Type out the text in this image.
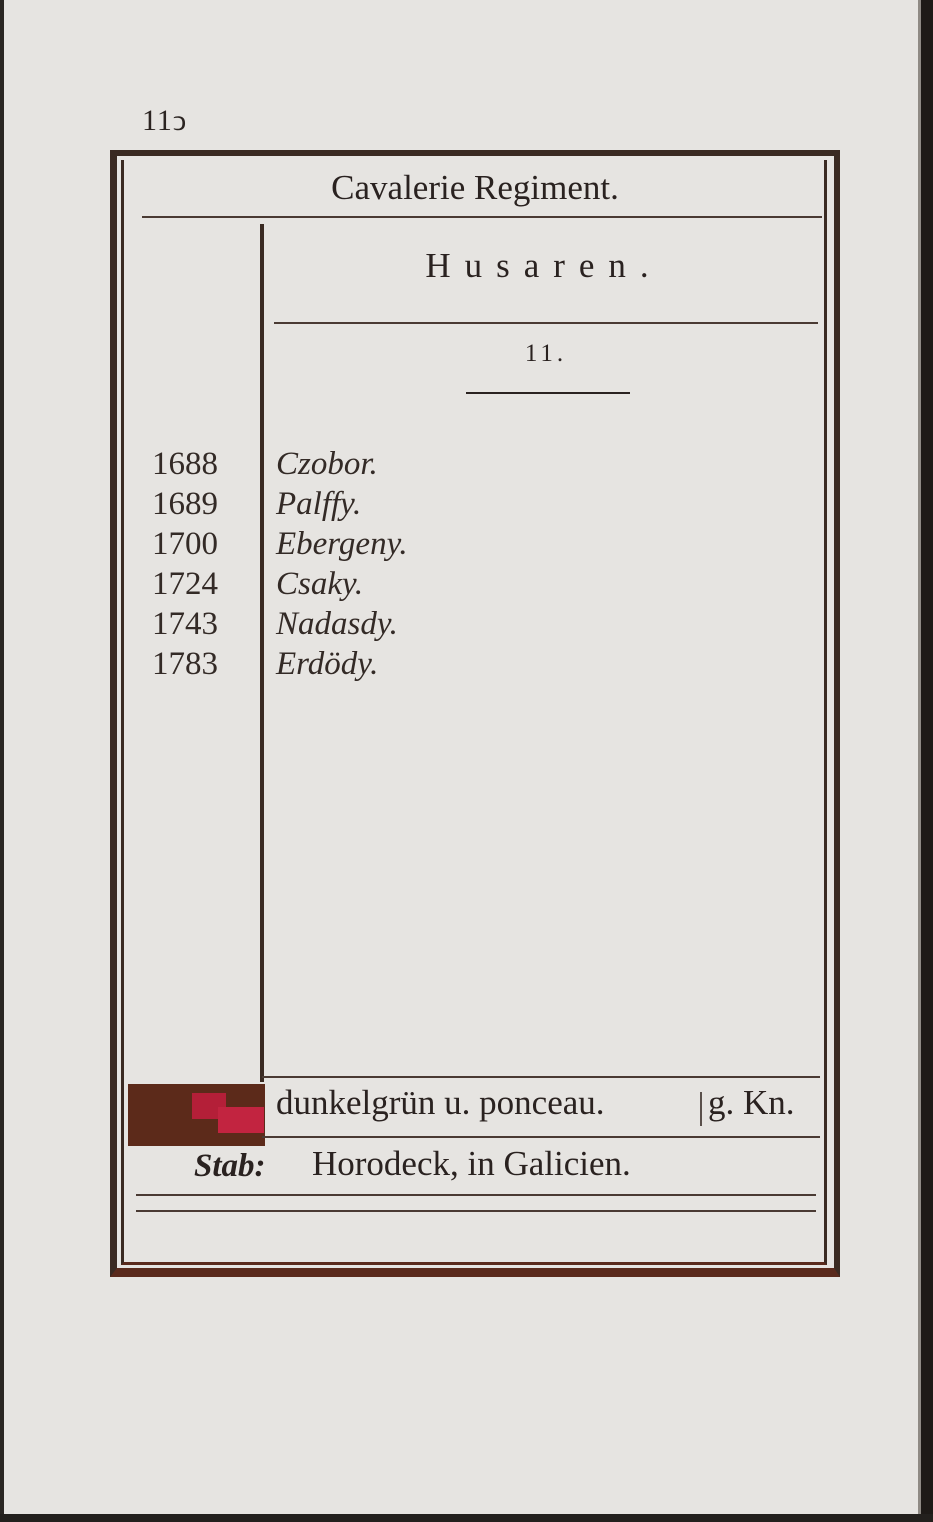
11ↄ
Cavalerie Regiment.
Husaren.
11.
1688 Czobor.
1689 Palffy.
1700 Ebergeny.
1724 Csaky.
1743 Nadasdy.
1783 Erdödy.
dunkelgrün u. ponceau.	g. Kn.
Stab: Horodeck, in Galicien.
